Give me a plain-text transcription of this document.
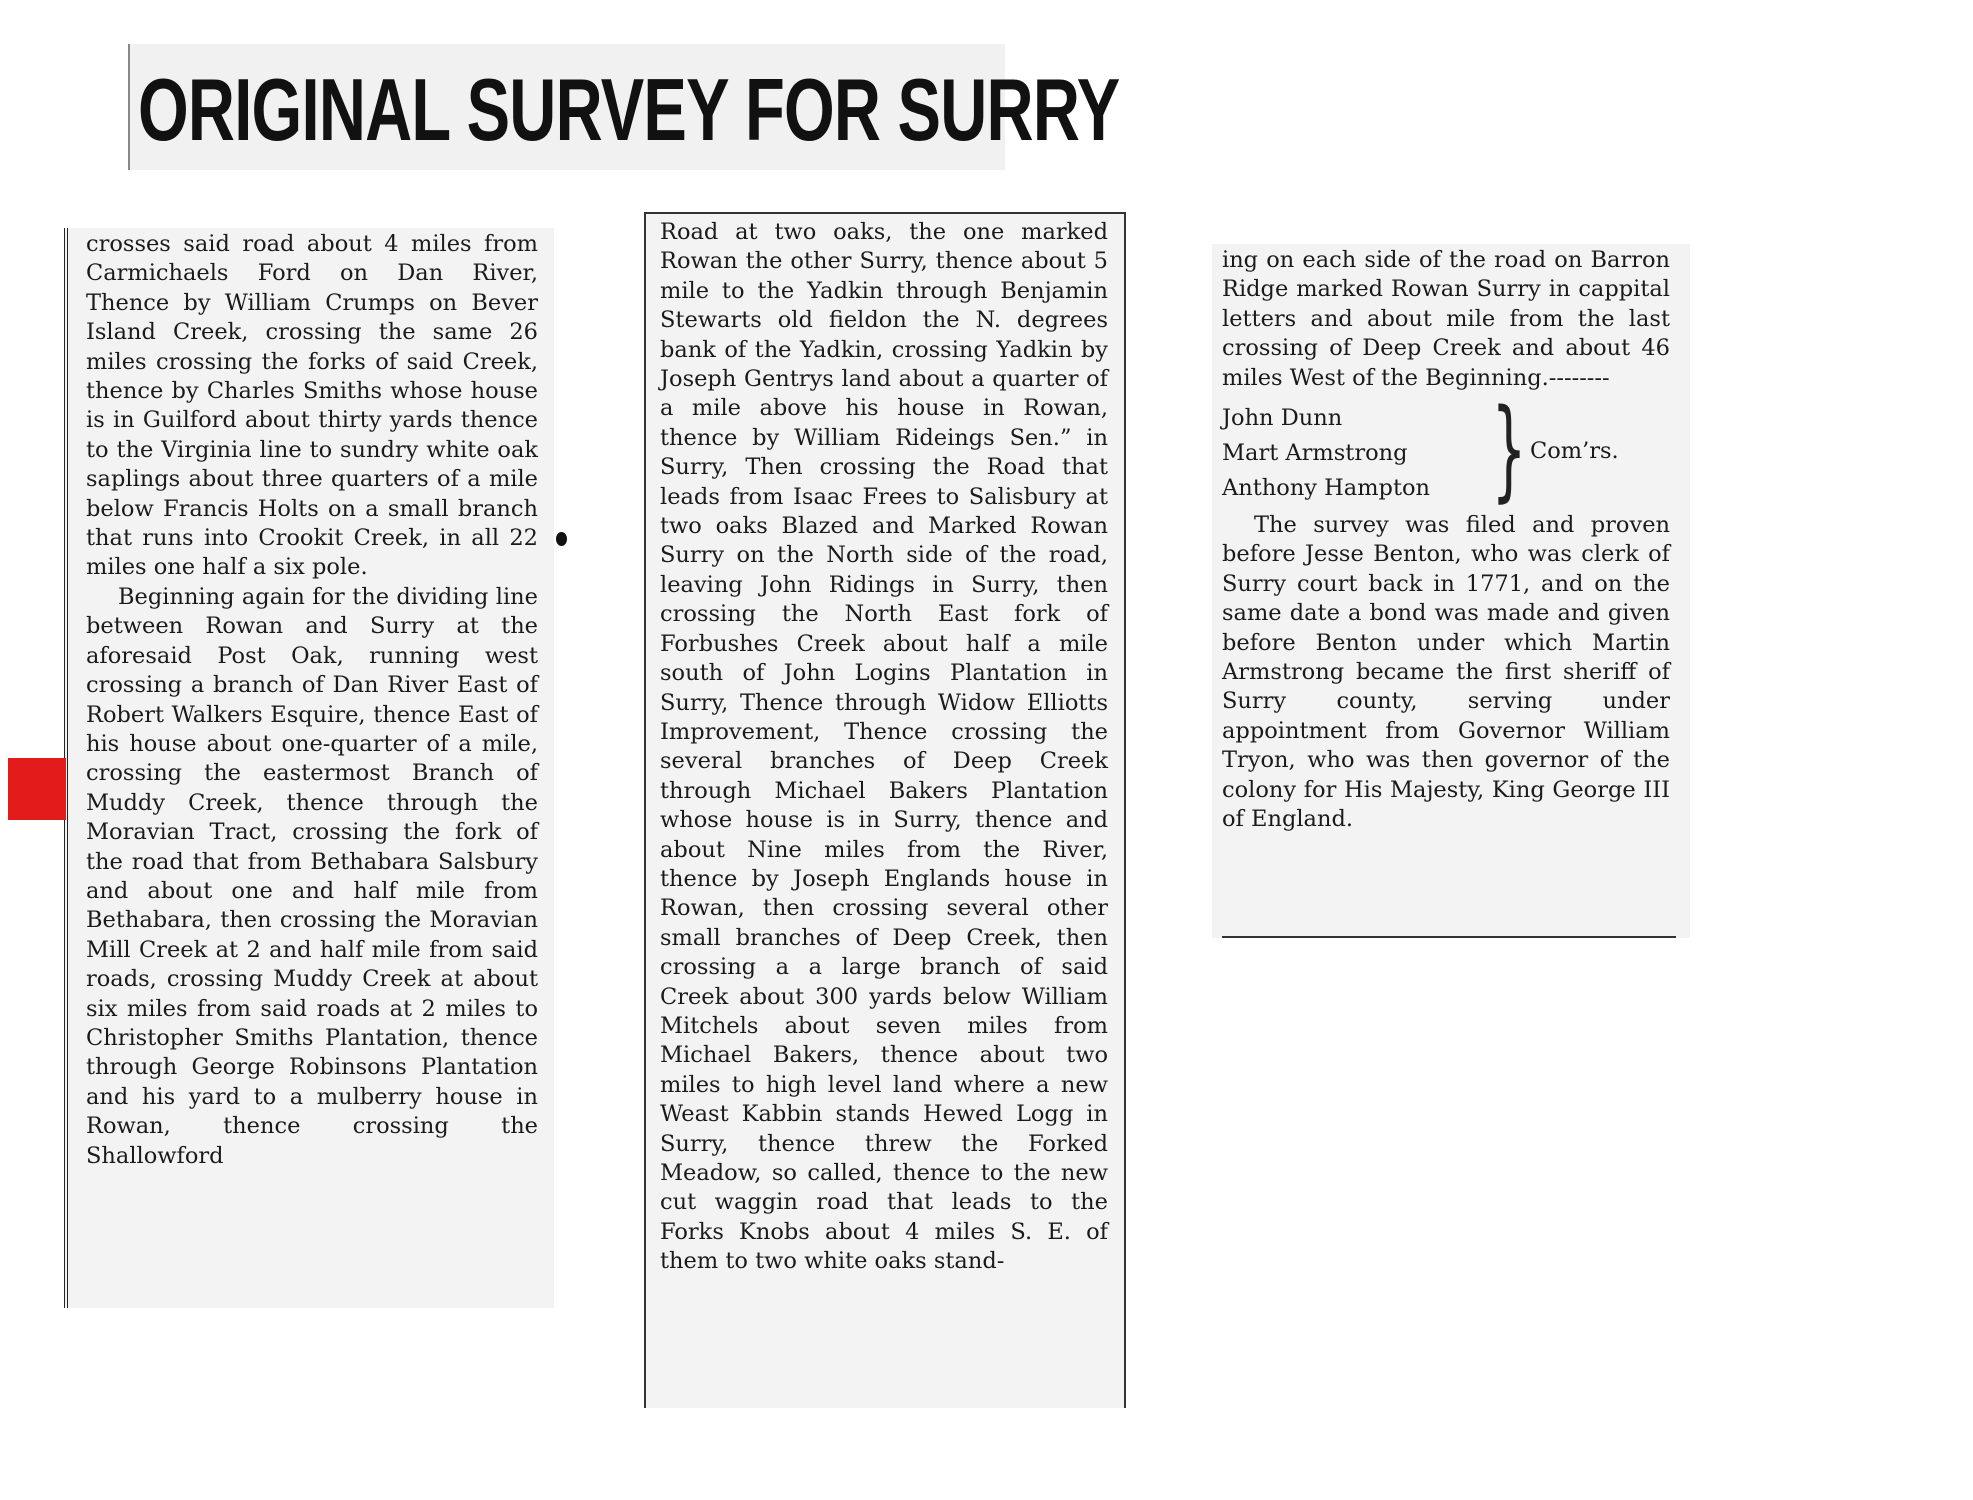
ORIGINAL SURVEY FOR SURRY

crosses said road about 4 miles from Carmichaels Ford on Dan River, Thence by William Crumps on Bever Island Creek, crossing the same 26 miles crossing the forks of said Creek, thence by Charles Smiths whose house is in Guilford about thirty yards thence to the Virginia line to sundry white oak saplings about three quarters of a mile below Francis Holts on a small branch that runs into Crookit Creek, in all 22 miles one half a six pole.

Beginning again for the dividing line between Rowan and Surry at the aforesaid Post Oak, running west crossing a branch of Dan River East of Robert Walkers Esquire, thence East of his house about one-quarter of a mile, crossing the eastermost Branch of Muddy Creek, thence through the Moravian Tract, crossing the fork of the road that from Bethabara Salsbury and about one and half mile from Bethabara, then crossing the Moravian Mill Creek at 2 and half mile from said roads, crossing Muddy Creek at about six miles from said roads at 2 miles to Christopher Smiths Plantation, thence through George Robinsons Plantation and his yard to a mulberry house in Rowan, thence crossing the Shallowford

Road at two oaks, the one marked Rowan the other Surry, thence about 5 mile to the Yadkin through Benjamin Stewarts old fieldon the N. degrees bank of the Yadkin, crossing Yadkin by Joseph Gentrys land about a quarter of a mile above his house in Rowan, thence by William Rideings Sen.” in Surry, Then crossing the Road that leads from Isaac Frees to Salisbury at two oaks Blazed and Marked Rowan Surry on the North side of the road, leaving John Ridings in Surry, then crossing the North East fork of Forbushes Creek about half a mile south of John Logins Plantation in Surry, Thence through Widow Elliotts Improvement, Thence crossing the several branches of Deep Creek through Michael Bakers Plantation whose house is in Surry, thence and about Nine miles from the River, thence by Joseph Englands house in Rowan, then crossing several other small branches of Deep Creek, then crossing a a large branch of said Creek about 300 yards below William Mitchels about seven miles from Michael Bakers, thence about two miles to high level land where a new Weast Kabbin stands Hewed Logg in Surry, thence threw the Forked Meadow, so called, thence to the new cut waggin road that leads to the Forks Knobs about 4 miles S. E. of them to two white oaks stand-

ing on each side of the road on Barron Ridge marked Rowan Surry in cappital letters and about mile from the last crossing of Deep Creek and about 46 miles West of the Beginning.--------

John Dunn
Mart Armstrong
Anthony Hampton } Com’rs.

The survey was filed and proven before Jesse Benton, who was clerk of Surry court back in 1771, and on the same date a bond was made and given before Benton under which Martin Armstrong became the first sheriff of Surry county, serving under appointment from Governor William Tryon, who was then governor of the colony for His Majesty, King George III of England.
